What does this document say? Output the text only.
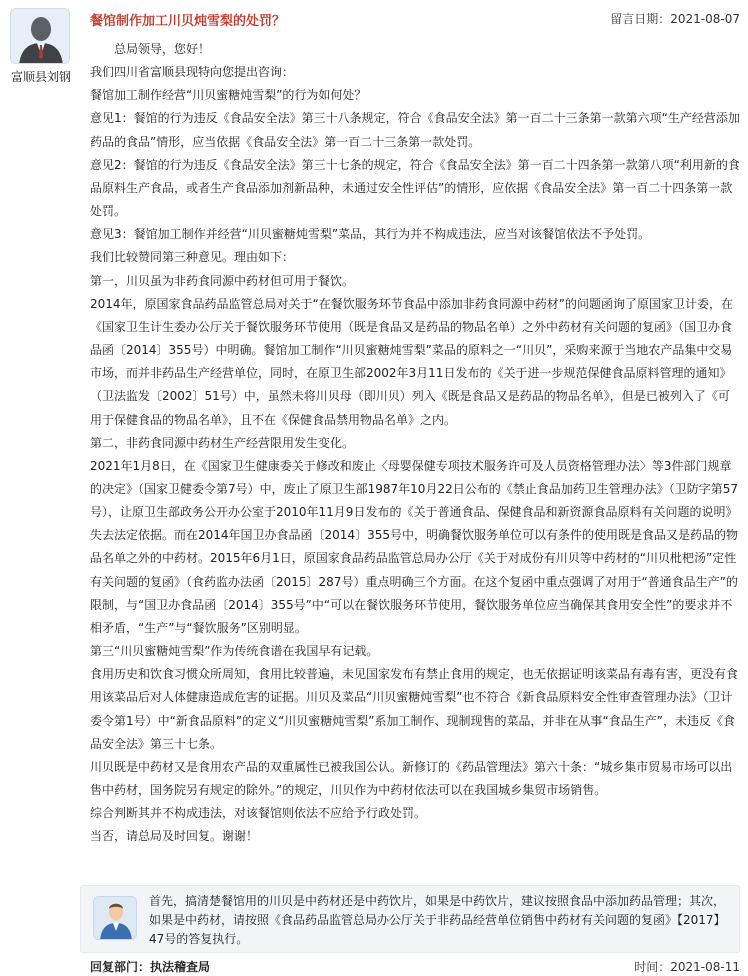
富顺县刘钢
餐馆制作加工川贝炖雪梨的处罚？	留言日期：2021-08-07

总局领导，您好！

我们四川省富顺县现特向您提出咨询：

餐馆加工制作经营“川贝蜜糖炖雪梨”的行为如何处？

意见1：餐馆的行为违反《食品安全法》第三十八条规定，符合《食品安全法》第一百二十三条第一款第六项“生产经营添加药品的食品”情形，应当依据《食品安全法》第一百二十三条第一款处罚。

意见2：餐馆的行为违反《食品安全法》第三十七条的规定，符合《食品安全法》第一百二十四条第一款第八项“利用新的食品原料生产食品，或者生产食品添加剂新品种，未通过安全性评估”的情形，应依据《食品安全法》第一百二十四条第一款处罚。

意见3：餐馆加工制作并经营“川贝蜜糖炖雪梨”菜品，其行为并不构成违法，应当对该餐馆依法不予处罚。

我们比较赞同第三种意见。理由如下：

第一，川贝虽为非药食同源中药材但可用于餐饮。

2014年，原国家食品药品监管总局对关于“在餐饮服务环节食品中添加非药食同源中药材”的问题函询了原国家卫计委，在《国家卫生计生委办公厅关于餐饮服务环节使用（既是食品又是药品的物品名单）之外中药材有关问题的复函》（国卫办食品函〔2014〕355号）中明确。餐馆加工制作“川贝蜜糖炖雪梨”菜品的原料之一“川贝”，采购来源于当地农产品集中交易市场，而并非药品生产经营单位，同时，在原卫生部2002年3月11日发布的《关于进一步规范保健食品原料管理的通知》（卫法监发〔2002〕51号）中，虽然未将川贝母（即川贝）列入《既是食品又是药品的物品名单》，但是已被列入了《可用于保健食品的物品名单》，且不在《保健食品禁用物品名单》之内。

第二，非药食同源中药材生产经营限用发生变化。

2021年1月8日，在《国家卫生健康委关于修改和废止〈母婴保健专项技术服务许可及人员资格管理办法〉等3件部门规章的决定》（国家卫健委令第7号）中，废止了原卫生部1987年10月22日公布的《禁止食品加药卫生管理办法》（卫防字第57号），让原卫生部政务公开办公室于2010年11月9日发布的《关于普通食品、保健食品和新资源食品原料有关问题的说明》失去法定依据。而在2014年国卫办食品函〔2014〕355号中，明确餐饮服务单位可以有条件的使用既是食品又是药品的物品名单之外的中药材。2015年6月1日，原国家食品药品监管总局办公厅《关于对成份有川贝等中药材的“川贝枇杷汤”定性有关问题的复函》（食药监办法函〔2015〕287号）重点明确三个方面。在这个复函中重点强调了对用于“普通食品生产”的限制，与“国卫办食品函〔2014〕355号”中“可以在餐饮服务环节使用，餐饮服务单位应当确保其食用安全性”的要求并不相矛盾，“生产”与“餐饮服务”区别明显。

第三“川贝蜜糖炖雪梨”作为传统食谱在我国早有记载。

食用历史和饮食习惯众所周知，食用比较普遍，未见国家发布有禁止食用的规定，也无依据证明该菜品有毒有害，更没有食用该菜品后对人体健康造成危害的证据。川贝及菜品“川贝蜜糖炖雪梨”也不符合《新食品原料安全性审查管理办法》（卫计委令第1号）中“新食品原料”的定义“川贝蜜糖炖雪梨”系加工制作、现制现售的菜品，并非在从事“食品生产”，未违反《食品安全法》第三十七条。

川贝既是中药材又是食用农产品的双重属性已被我国公认。新修订的《药品管理法》第六十条：“城乡集市贸易市场可以出售中药材，国务院另有规定的除外。”的规定，川贝作为中药材依法可以在我国城乡集贸市场销售。

综合判断其并不构成违法，对该餐馆则依法不应给予行政处罚。

当否，请总局及时回复。谢谢！

首先，搞清楚餐馆用的川贝是中药材还是中药饮片，如果是中药饮片，建议按照食品中添加药品管理；其次，如果是中药材，请按照《食品药品监管总局办公厅关于非药品经营单位销售中药材有关问题的复函》【2017】47号的答复执行。
回复部门：执法稽查局	时间：2021-08-11
